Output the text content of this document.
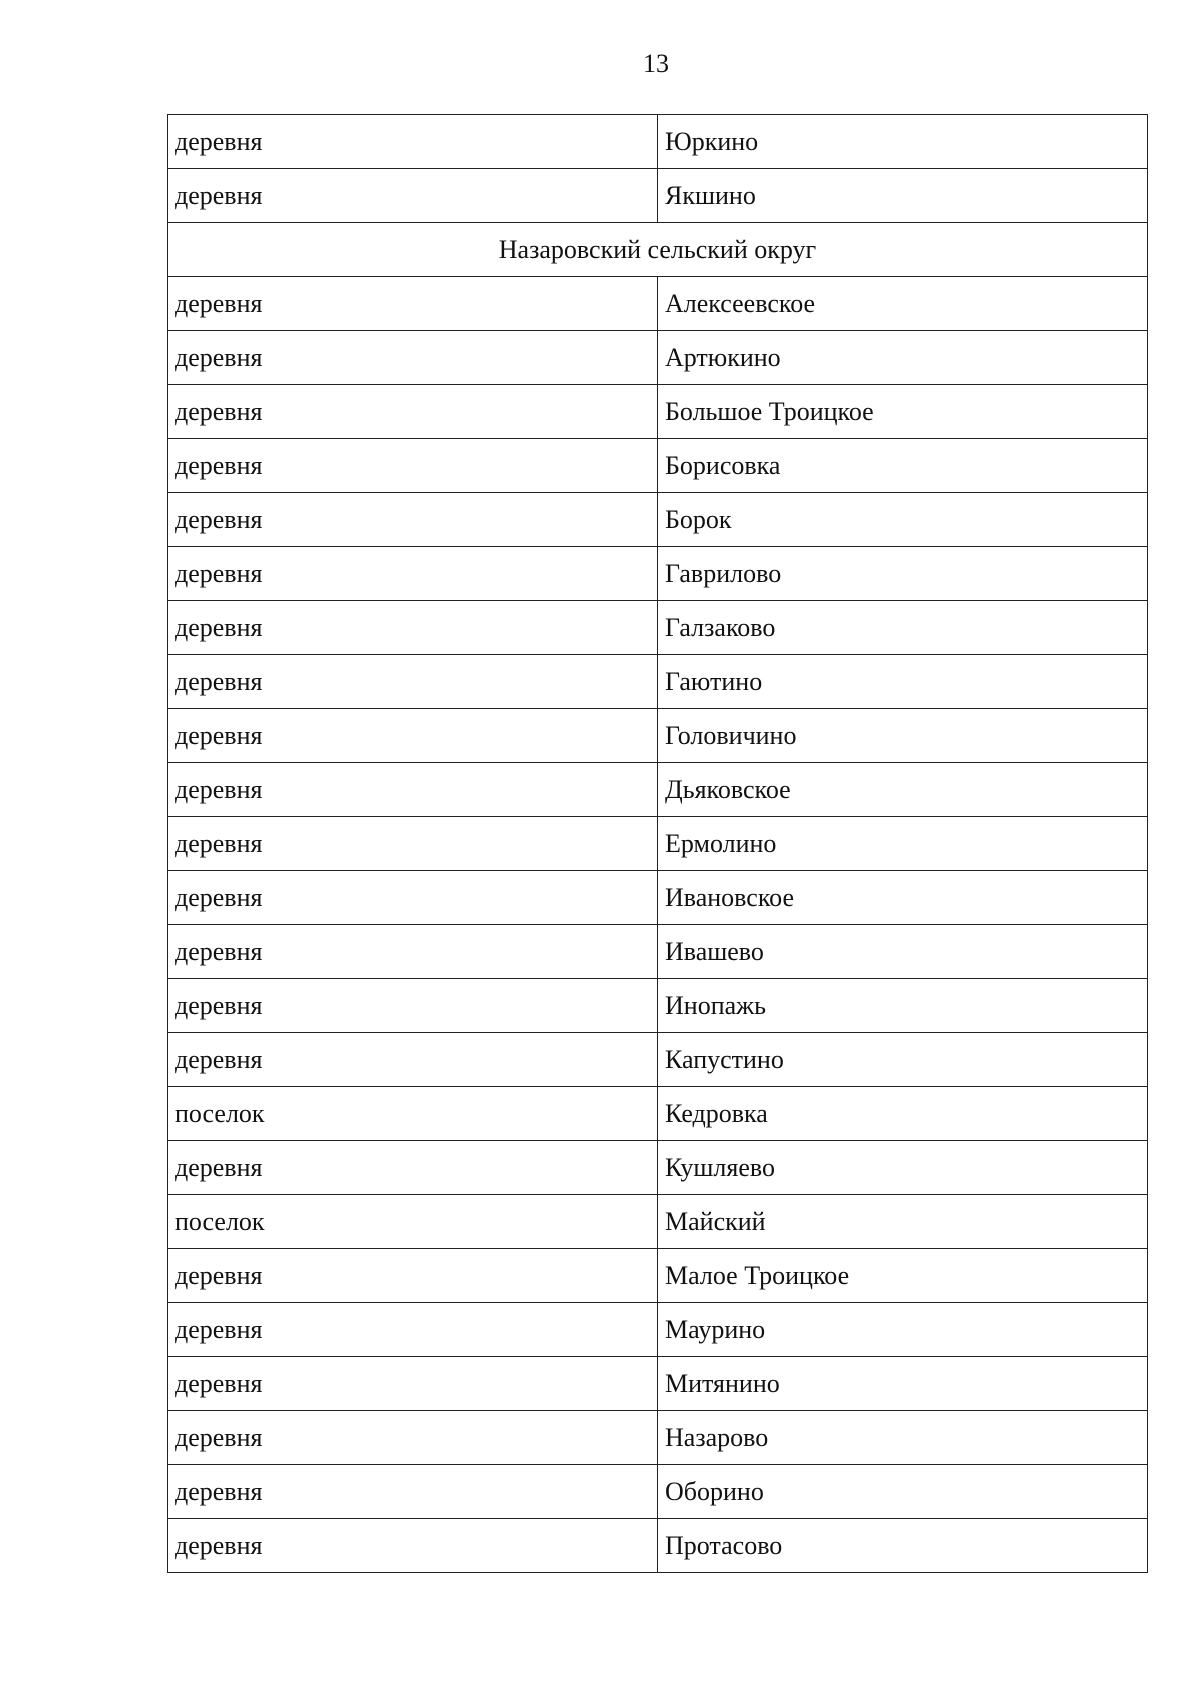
13
деревня	Юркино
деревня	Якшино
Назаровский сельский округ	
деревня	Алексеевское
деревня	Артюкино
деревня	Большое Троицкое
деревня	Борисовка
деревня	Борок
деревня	Гаврилово
деревня	Галзаково
деревня	Гаютино
деревня	Головичино
деревня	Дьяковское
деревня	Ермолино
деревня	Ивановское
деревня	Ивашево
деревня	Инопажь
деревня	Капустино
поселок	Кедровка
деревня	Кушляево
поселок	Майский
деревня	Малое Троицкое
деревня	Маурино
деревня	Митянино
деревня	Назарово
деревня	Оборино
деревня	Протасово
